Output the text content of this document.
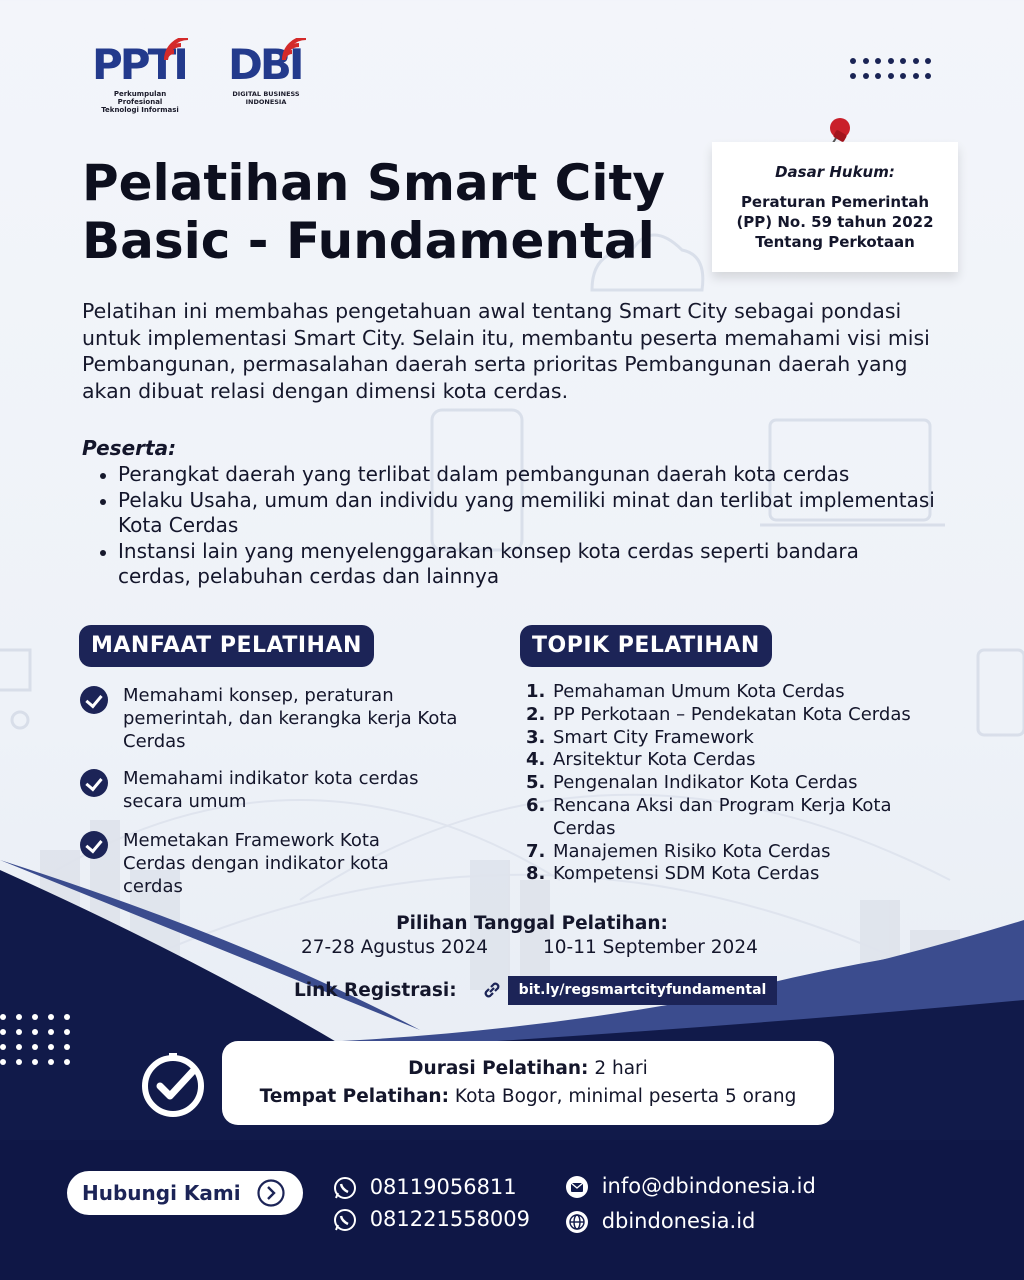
PPTI
Perkumpulan Profesional
Teknologi Informasi
DBI
DIGITAL BUSINESS INDONESIA
Pelatihan Smart City
Basic - Fundamental
Dasar Hukum:
Peraturan Pemerintah
(PP) No. 59 tahun 2022
Tentang Perkotaan
Pelatihan ini membahas pengetahuan awal tentang Smart City sebagai pondasi untuk implementasi Smart City. Selain itu, membantu peserta memahami visi misi Pembangunan, permasalahan daerah serta prioritas Pembangunan daerah yang akan dibuat relasi dengan dimensi kota cerdas.
Peserta:
Perangkat daerah yang terlibat dalam pembangunan daerah kota cerdas
Pelaku Usaha, umum dan individu yang memiliki minat dan terlibat implementasi Kota Cerdas
Instansi lain yang menyelenggarakan konsep kota cerdas seperti bandara cerdas, pelabuhan cerdas dan lainnya
MANFAAT PELATIHAN
Memahami konsep, peraturan pemerintah, dan kerangka kerja Kota Cerdas
Memahami indikator kota cerdas secara umum
Memetakan Framework Kota Cerdas dengan indikator kota cerdas
TOPIK PELATIHAN
1. Pemahaman Umum Kota Cerdas
2. PP Perkotaan – Pendekatan Kota Cerdas
3. Smart City Framework
4. Arsitektur Kota Cerdas
5. Pengenalan Indikator Kota Cerdas
6. Rencana Aksi dan Program Kerja Kota Cerdas
7. Manajemen Risiko Kota Cerdas
8. Kompetensi SDM Kota Cerdas
Pilihan Tanggal Pelatihan:
27-28 Agustus 2024	10-11 September 2024
Link Registrasi:	bit.ly/regsmartcityfundamental
Durasi Pelatihan: 2 hari
Tempat Pelatihan: Kota Bogor, minimal peserta 5 orang
Hubungi Kami	08119056811
081221558009
info@dbindonesia.id
dbindonesia.id
